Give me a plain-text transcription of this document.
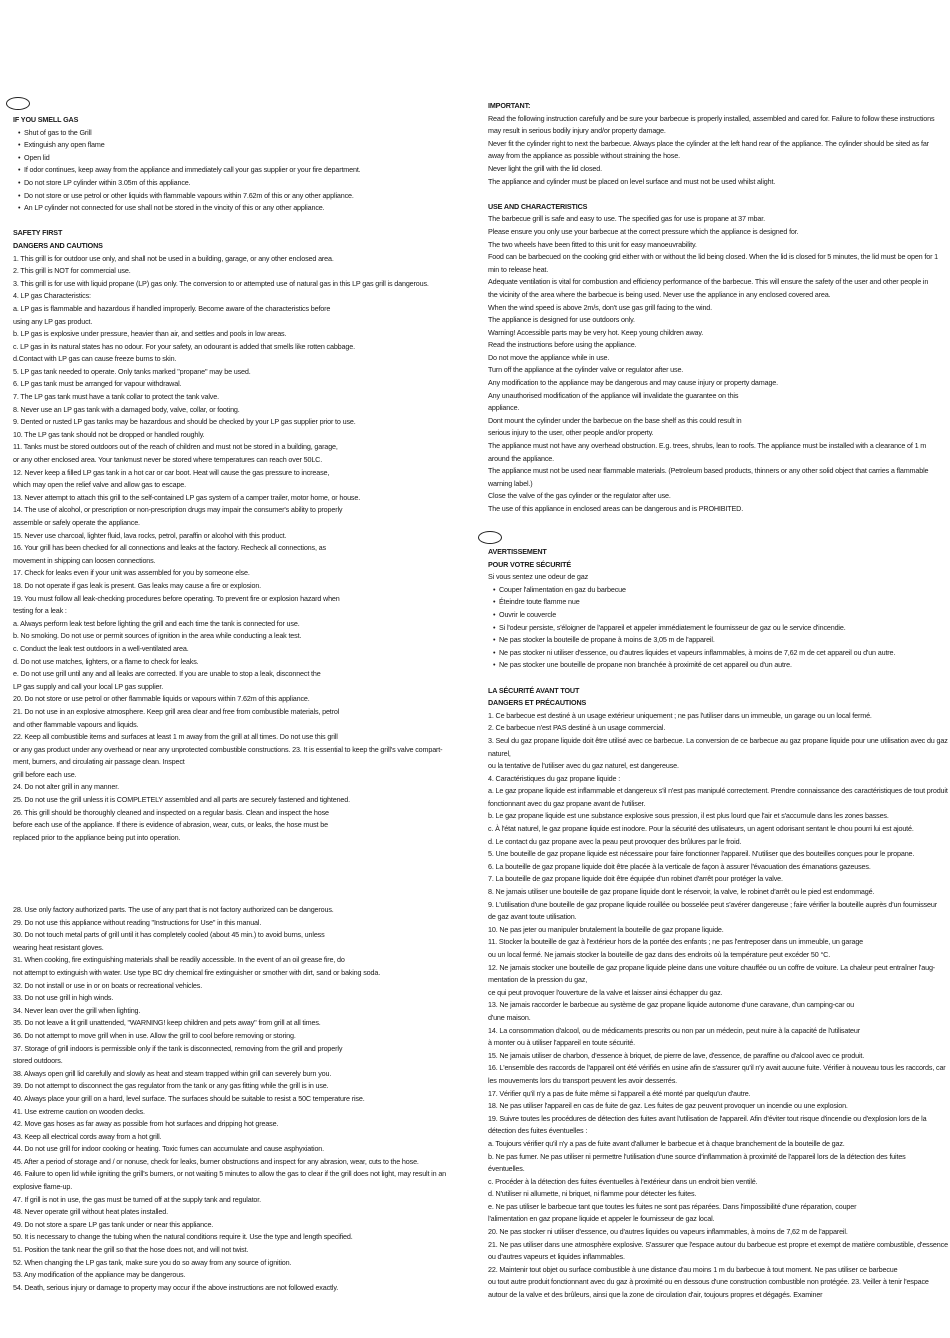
IF YOU SMELL GAS
• Shut of gas to the Grill
• Extinguish any open flame
• Open lid
• If odor continues, keep away from the appliance and immediately call your gas supplier or your fire department.
• Do not store LP cylinder within 3.05m of this appliance.
• Do not store or use petrol or other liquids with flammable vapours within 7.62m of this or any other appliance.
• An LP cylinder not connected for use shall not be stored in the vincity of this or any other appliance.
SAFETY FIRST
DANGERS AND CAUTIONS
1. This grill is for outdoor use only, and shall not be used in a building, garage, or any other enclosed area.
2. This grill is NOT for commercial use.
3. This grill is for use with liquid propane (LP) gas only. The conversion to or attempted use of natural gas in this LP gas grill is dangerous.
4. LP gas Characteristics:
a. LP gas is flammable and hazardous if handled improperly. Become aware of the characteristics before
using any LP gas product.
b. LP gas is explosive under pressure, heavier than air, and settles and pools in low areas.
c. LP gas in its natural states has no odour. For your safety, an odourant is added that smells like rotten cabbage.
d.Contact with LP gas can cause freeze burns to skin.
5. LP gas tank needed to operate. Only tanks marked "propane" may be used.
6. LP gas tank must be arranged for vapour withdrawal.
7. The LP gas tank must have a tank collar to protect the tank valve.
8. Never use an LP gas tank with a damaged body, valve, collar, or footing.
9. Dented or rusted LP gas tanks may be hazardous and should be checked by your LP gas supplier prior to use.
10. The LP gas tank should not be dropped or handled roughly.
11. Tanks must be stored outdoors out of the reach of children and must not be stored in a building, garage,
or any other enclosed area. Your tankmust never be stored where temperatures can reach over 50LC.
12. Never keep a filled LP gas tank in a hot car or car boot. Heat will cause the gas pressure to increase,
which may open the relief valve and allow gas to escape.
13. Never attempt to attach this grill to the self-contained LP gas system of a camper trailer, motor home, or house.
14. The use of alcohol, or prescription or non-prescription drugs may impair the consumer's ability to properly
assemble or safely operate the appliance.
15. Never use charcoal, lighter fluid, lava rocks, petrol, paraffin or alcohol with this product.
16. Your grill has been checked for all connections and leaks at the factory. Recheck all connections, as
movement in shipping can loosen connections.
17. Check for leaks even if your unit was assembled for you by someone else.
18. Do not operate if gas leak is present. Gas leaks may cause a fire or explosion.
19. You must follow all leak-checking procedures before operating. To prevent fire or explosion hazard when
testing for a leak :
a. Always perform leak test before lighting the grill and each time the tank is connected for use.
b. No smoking. Do not use or permit sources of ignition in the area while conducting a leak test.
c. Conduct the leak test outdoors in a well-ventilated area.
d. Do not use matches, lighters, or a flame to check for leaks.
e. Do not use grill until any and all leaks are corrected. If you are unable to stop a leak, disconnect the
LP gas supply and call your local LP gas supplier.
20. Do not store or use petrol or other flammable liquids or vapours within 7.62m of this appliance.
21. Do not use in an explosive atmosphere. Keep grill area clear and free from combustible materials, petrol
and other flammable vapours and liquids.
22. Keep all combustible items and surfaces at least 1 m away from the grill at all times. Do not use this grill
or any gas product under any overhead or near any unprotected combustible constructions. 23. It is essential to keep the grill's valve compart-
ment, burners, and circulating air passage clean. Inspect
grill before each use.
24. Do not alter grill in any manner.
25. Do not use the grill unless it is COMPLETELY assembled and all parts are securely fastened and tightened.
26. This grill should be thoroughly cleaned and inspected on a regular basis. Clean and inspect the hose
before each use of the appliance. If there is evidence of abrasion, wear, cuts, or leaks, the hose must be
replaced prior to the appliance being put into operation.
28. Use only factory authorized parts. The use of any part that is not factory authorized can be dangerous.
29. Do not use this appliance without reading "Instructions for Use" in this manual.
30. Do not touch metal parts of grill until it has completely cooled (about 45 min.) to avoid burns, unless
wearing heat resistant gloves.
31. When cooking, fire extinguishing materials shall be readily accessible. In the event of an oil grease fire, do
not attempt to extinguish with water. Use type BC dry chemical fire extinguisher or smother with dirt, sand or baking soda.
32. Do not install or use in or on boats or recreational vehicles.
33. Do not use grill in high winds.
34. Never lean over the grill when lighting.
35. Do not leave a lit grill unattended, "WARNING! keep children and pets away" from grill at all times.
36. Do not attempt to move grill when in use. Allow the grill to cool before removing or storing.
37. Storage of grill indoors is permissible only if the tank is disconnected, removing from the grill and properly
stored outdoors.
38. Always open grill lid carefully and slowly as heat and steam trapped within grill can severely burn you.
39. Do not attempt to disconnect the gas regulator from the tank or any gas fitting while the grill is in use.
40. Always place your grill on a hard, level surface. The surfaces should be suitable to resist a 50C temperature rise.
41. Use extreme caution on wooden decks.
42. Move gas hoses as far away as possible from hot surfaces and dripping hot grease.
43. Keep all electrical cords away from a hot grill.
44. Do not use grill for indoor cooking or heating. Toxic fumes can accumulate and cause asphyxiation.
45. After a period of storage and / or nonuse, check for leaks, burner obstructions and inspect for any abrasion, wear, cuts to the hose.
46. Failure to open lid while igniting the grill's burners, or not waiting 5 minutes to allow the gas to clear if the grill does not light, may result in an
explosive flame-up.
47. If grill is not in use, the gas must be turned off at the supply tank and regulator.
48. Never operate grill without heat plates installed.
49. Do not store a spare LP gas tank under or near this appliance.
50. It is necessary to change the tubing when the natural conditions require it. Use the type and length specified.
51. Position the tank near the grill so that the hose does not, and will not twist.
52. When changing the LP gas tank, make sure you do so away from any source of ignition.
53. Any modification of the appliance may be dangerous.
54. Death, serious injury or damage to property may occur if the above instructions are not followed exactly.
IMPORTANT:
Read the following instruction carefully and be sure your barbecue is properly installed, assembled and cared for. Failure to follow these instructions
may result in serious bodily injury and/or property damage.
Never fit the cylinder right to next the barbecue. Always place the cylinder at the left hand rear of the appliance. The cylinder should be sited as far
away from the appliance as possible without straining the hose.
Never light the grill with the lid closed.
The appliance and cylinder must be placed on level surface and must not be used whilst alight.
USE AND CHARACTERISTICS
The barbecue grill is safe and easy to use. The specified gas for use is propane at 37 mbar.
Please ensure you only use your barbecue at the correct pressure which the appliance is designed for.
The two wheels have been fitted to this unit for easy manoeuvrability.
Food can be barbecued on the cooking grid either with or without the lid being closed. When the lid is closed for 5 minutes, the lid must be open for 1
min to release heat.
Adequate ventilation is vital for combustion and efficiency performance of the barbecue. This will ensure the safety of the user and other people in
the vicinity of the area where the barbecue is being used. Never use the appliance in any enclosed covered area.
When the wind speed is above 2m/s, don't use gas grill facing to the wind.
The appliance is designed for use outdoors only.
Warning! Accessible parts may be very hot. Keep young children away.
Read the instructions before using the appliance.
Do not move the appliance while in use.
Turn off the appliance at the cylinder valve or regulator after use.
Any modification to the appliance may be dangerous and may cause injury or property damage.
Any unauthorised modification of the appliance will invalidate the guarantee on this
appliance.
Dont mount the cylinder under the barbecue on the base shelf as this could result in
serious injury to the user, other people and/or property.
The appliance must not have any overhead obstruction. E.g. trees, shrubs, lean to roofs. The appliance must be installed with a clearance of 1 m
around the appliance.
The appliance must not be used near flammable materials. (Petroleum based products, thinners or any other solid object that carries a flammable
warning label.)
Close the valve of the gas cylinder or the regulator after use.
The use of this appliance in enclosed areas can be dangerous and is PROHIBITED.
AVERTISSEMENT
POUR VOTRE SÉCURITÉ
Si vous sentez une odeur de gaz
• Couper l'alimentation en gaz du barbecue
• Éteindre toute flamme nue
• Ouvrir le couvercle
• Si l'odeur persiste, s'éloigner de l'appareil et appeler immédiatement le fournisseur de gaz ou le service d'incendie.
• Ne pas stocker la bouteille de propane à moins de 3,05 m de l'appareil.
• Ne pas stocker ni utiliser d'essence, ou d'autres liquides et vapeurs inflammables, à moins de 7,62 m de cet appareil ou d'un autre.
• Ne pas stocker une bouteille de propane non branchée à proximité de cet appareil ou d'un autre.
LA SÉCURITÉ AVANT TOUT
DANGERS ET PRÉCAUTIONS
1. Ce barbecue est destiné à un usage extérieur uniquement ; ne pas l'utiliser dans un immeuble, un garage ou un local fermé.
2. Ce barbecue n'est PAS destiné à un usage commercial.
3. Seul du gaz propane liquide doit être utilisé avec ce barbecue. La conversion de ce barbecue au gaz propane liquide pour une utilisation avec du gaz
naturel,
ou la tentative de l'utiliser avec du gaz naturel, est dangereuse.
4. Caractéristiques du gaz propane liquide :
a. Le gaz propane liquide est inflammable et dangereux s'il n'est pas manipulé correctement. Prendre connaissance des caractéristiques de tout produit
fonctionnant avec du gaz propane avant de l'utiliser.
b. Le gaz propane liquide est une substance explosive sous pression, il est plus lourd que l'air et s'accumule dans les zones basses.
c. À l'état naturel, le gaz propane liquide est inodore. Pour la sécurité des utilisateurs, un agent odorisant sentant le chou pourri lui est ajouté.
d. Le contact du gaz propane avec la peau peut provoquer des brûlures par le froid.
5. Une bouteille de gaz propane liquide est nécessaire pour faire fonctionner l'appareil. N'utiliser que des bouteilles conçues pour le propane.
6. La bouteille de gaz propane liquide doit être placée à la verticale de façon à assurer l'évacuation des émanations gazeuses.
7. La bouteille de gaz propane liquide doit être équipée d'un robinet d'arrêt pour protéger la valve.
8. Ne jamais utiliser une bouteille de gaz propane liquide dont le réservoir, la valve, le robinet d'arrêt ou le pied est endommagé.
9. L'utilisation d'une bouteille de gaz propane liquide rouillée ou bosselée peut s'avérer dangereuse ; faire vérifier la bouteille auprès d'un fournisseur
de gaz avant toute utilisation.
10. Ne pas jeter ou manipuler brutalement la bouteille de gaz propane liquide.
11. Stocker la bouteille de gaz à l'extérieur hors de la portée des enfants ; ne pas l'entreposer dans un immeuble, un garage
ou un local fermé. Ne jamais stocker la bouteille de gaz dans des endroits où la température peut excéder 50 °C.
12. Ne jamais stocker une bouteille de gaz propane liquide pleine dans une voiture chauffée ou un coffre de voiture. La chaleur peut entraîner l'aug-
mentation de la pression du gaz,
ce qui peut provoquer l'ouverture de la valve et laisser ainsi échapper du gaz.
13. Ne jamais raccorder le barbecue au système de gaz propane liquide autonome d'une caravane, d'un camping-car ou
d'une maison.
14. La consommation d'alcool, ou de médicaments prescrits ou non par un médecin, peut nuire à la capacité de l'utilisateur
à monter ou à utiliser l'appareil en toute sécurité.
15. Ne jamais utiliser de charbon, d'essence à briquet, de pierre de lave, d'essence, de paraffine ou d'alcool avec ce produit.
16. L'ensemble des raccords de l'appareil ont été vérifiés en usine afin de s'assurer qu'il n'y avait aucune fuite. Vérifier à nouveau tous les raccords, car
les mouvements lors du transport peuvent les avoir desserrés.
17. Vérifier qu'il n'y a pas de fuite même si l'appareil a été monté par quelqu'un d'autre.
18. Ne pas utiliser l'appareil en cas de fuite de gaz. Les fuites de gaz peuvent provoquer un incendie ou une explosion.
19. Suivre toutes les procédures de détection des fuites avant l'utilisation de l'appareil. Afin d'éviter tout risque d'incendie ou d'explosion lors de la
détection des fuites éventuelles :
a. Toujours vérifier qu'il n'y a pas de fuite avant d'allumer le barbecue et à chaque branchement de la bouteille de gaz.
b. Ne pas fumer. Ne pas utiliser ni permettre l'utilisation d'une source d'inflammation à proximité de l'appareil lors de la détection des fuites
éventuelles.
c. Procéder à la détection des fuites éventuelles à l'extérieur dans un endroit bien ventilé.
d. N'utiliser ni allumette, ni briquet, ni flamme pour détecter les fuites.
e. Ne pas utiliser le barbecue tant que toutes les fuites ne sont pas réparées. Dans l'impossibilité d'une réparation, couper
l'alimentation en gaz propane liquide et appeler le fournisseur de gaz local.
20. Ne pas stocker ni utiliser d'essence, ou d'autres liquides ou vapeurs inflammables, à moins de 7,62 m de l'appareil.
21. Ne pas utiliser dans une atmosphère explosive. S'assurer que l'espace autour du barbecue est propre et exempt de matière combustible, d'essence
ou d'autres vapeurs et liquides inflammables.
22. Maintenir tout objet ou surface combustible à une distance d'au moins 1 m du barbecue à tout moment. Ne pas utiliser ce barbecue
ou tout autre produit fonctionnant avec du gaz à proximité ou en dessous d'une construction combustible non protégée. 23. Veiller à tenir l'espace
autour de la valve et des brûleurs, ainsi que la zone de circulation d'air, toujours propres et dégagés. Examiner
